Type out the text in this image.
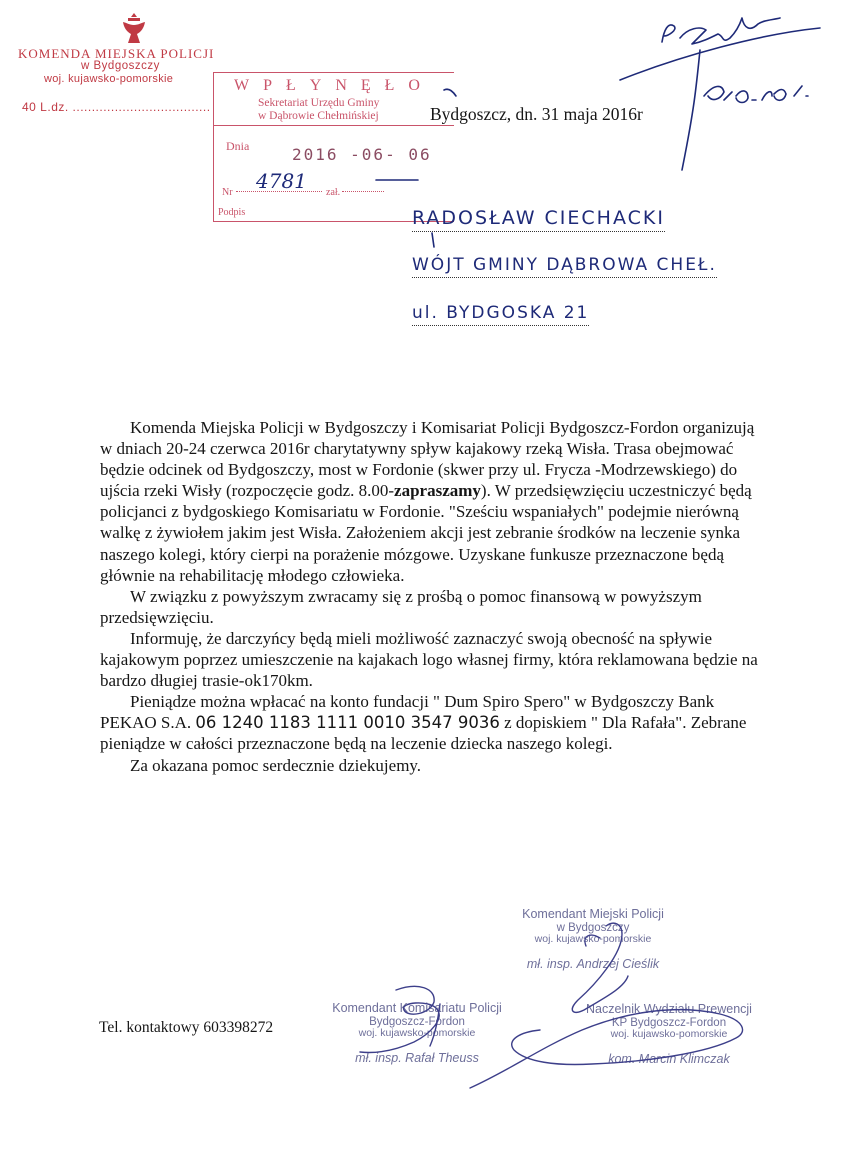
KOMENDA MIEJSKA POLICJI
w Bydgoszczy
woj. kujawsko-pomorskie
40 L.dz. ....................................
WPŁYNĘŁO
Sekretariat Urzędu Gminy
w Dąbrowie Chełmińskiej
Dnia	2016 -06- 06
4781
Nr	zał.
Podpis
Bydgoszcz, dn. 31 maja 2016r
RADOSŁAW CIECHACKI
WÓJT GMINY DĄBROWA CHEŁ.
ul. BYDGOSKA 21

Komenda Miejska Policji w Bydgoszczy i Komisariat Policji Bydgoszcz-Fordon organizują w dniach 20-24 czerwca 2016r charytatywny spływ kajakowy rzeką Wisła. Trasa obejmować będzie odcinek od Bydgoszczy, most w Fordonie (skwer przy ul. Frycza -Modrzewskiego) do ujścia rzeki Wisły (rozpoczęcie godz. 8.00-zapraszamy). W przedsięwzięciu uczestniczyć będą policjanci z bydgoskiego Komisariatu w Fordonie. "Sześciu wspaniałych" podejmie nierówną walkę z żywiołem jakim jest Wisła. Założeniem akcji jest zebranie środków na leczenie synka naszego kolegi, który cierpi na porażenie mózgowe. Uzyskane funkusze przeznaczone będą głównie na rehabilitację młodego człowieka.

W związku z powyższym zwracamy się z prośbą o pomoc finansową w powyższym przedsięwzięciu.

Informuję, że darczyńcy będą mieli możliwość zaznaczyć swoją obecność na spływie kajakowym poprzez umieszczenie na kajakach logo własnej firmy, która reklamowana będzie na bardzo długiej trasie-ok170km.

Pieniądze można wpłacać na konto fundacji " Dum Spiro Spero" w Bydgoszczy Bank PEKAO S.A. 06 1240 1183 1111 0010 3547 9036 z dopiskiem " Dla Rafała". Zebrane pieniądze w całości przeznaczone będą na leczenie dziecka naszego kolegi.

Za okazana pomoc serdecznie dziekujemy.

Tel. kontaktowy 603398272
Komendant Miejski Policji
w Bydgoszczy
woj. kujawsko-pomorskie
mł. insp. Andrzej Cieślik
Komendant Komisariatu Policji
Bydgoszcz-Fordon
woj. kujawsko-pomorskie
mł. insp. Rafał Theuss
Naczelnik Wydziału Prewencji
KP Bydgoszcz-Fordon
woj. kujawsko-pomorskie
kom. Marcin Klimczak
